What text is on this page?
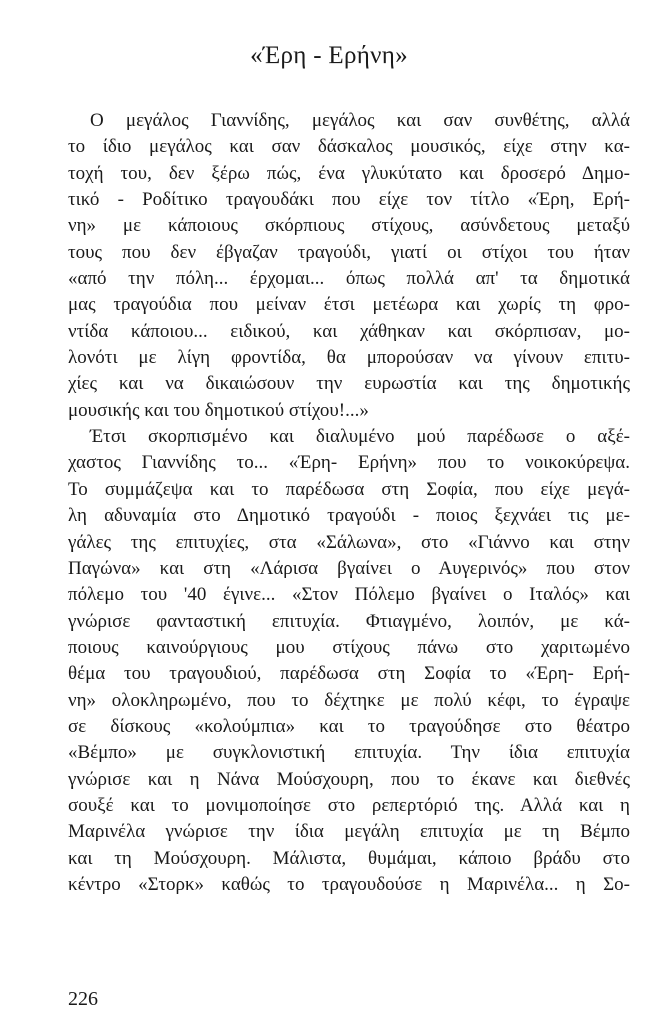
«Έρη - Ερήνη»
Ο μεγάλος Γιαννίδης, μεγάλος και σαν συνθέτης, αλλά
το ίδιο μεγάλος και σαν δάσκαλος μουσικός, είχε στην κα-
τοχή του, δεν ξέρω πώς, ένα γλυκύτατο και δροσερό Δημο-
τικό - Ροδίτικο τραγουδάκι που είχε τον τίτλο «Έρη, Ερή-
νη» με κάποιους σκόρπιους στίχους, ασύνδετους μεταξύ
τους που δεν έβγαζαν τραγούδι, γιατί οι στίχοι του ήταν
«από την πόλη... έρχομαι... όπως πολλά απ' τα δημοτικά
μας τραγούδια που μείναν έτσι μετέωρα και χωρίς τη φρο-
ντίδα κάποιου... ειδικού, και χάθηκαν και σκόρπισαν, μο-
λονότι με λίγη φροντίδα, θα μπορούσαν να γίνουν επιτυ-
χίες και να δικαιώσουν την ευρωστία και της δημοτικής
μουσικής και του δημοτικού στίχου!...»
Έτσι σκορπισμένο και διαλυμένο μού παρέδωσε ο αξέ-
χαστος Γιαννίδης το... «Έρη- Ερήνη» που το νοικοκύρεψα.
Το συμμάζεψα και το παρέδωσα στη Σοφία, που είχε μεγά-
λη αδυναμία στο Δημοτικό τραγούδι - ποιος ξεχνάει τις με-
γάλες της επιτυχίες, στα «Σάλωνα», στο «Γιάννο και στην
Παγώνα» και στη «Λάρισα βγαίνει ο Αυγερινός» που στον
πόλεμο του '40 έγινε... «Στον Πόλεμο βγαίνει ο Ιταλός» και
γνώρισε φανταστική επιτυχία. Φτιαγμένο, λοιπόν, με κά-
ποιους καινούργιους μου στίχους πάνω στο χαριτωμένο
θέμα του τραγουδιού, παρέδωσα στη Σοφία το «Έρη- Ερή-
νη» ολοκληρωμένο, που το δέχτηκε με πολύ κέφι, το έγραψε
σε δίσκους «κολούμπια» και το τραγούδησε στο θέατρο
«Βέμπο» με συγκλονιστική επιτυχία. Την ίδια επιτυχία
γνώρισε και η Νάνα Μούσχουρη, που το έκανε και διεθνές
σουξέ και το μονιμοποίησε στο ρεπερτόριό της. Αλλά και η
Μαρινέλα γνώρισε την ίδια μεγάλη επιτυχία με τη Βέμπο
και τη Μούσχουρη. Μάλιστα, θυμάμαι, κάποιο βράδυ στο
κέντρο «Στορκ» καθώς το τραγουδούσε η Μαρινέλα... η Σο-
226
